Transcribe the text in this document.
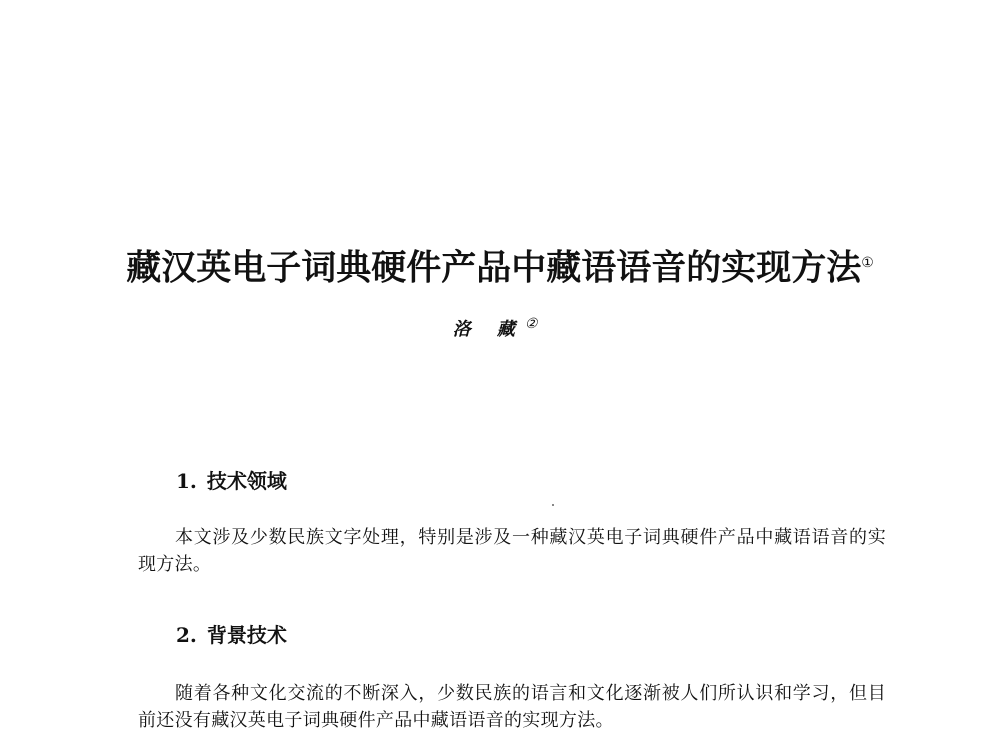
藏汉英电子词典硬件产品中藏语语音的实现方法①
洛 藏②
1. 技术领域
本文涉及少数民族文字处理，特别是涉及一种藏汉英电子词典硬件产品中藏语语音的实现方法。
2. 背景技术
随着各种文化交流的不断深入，少数民族的语言和文化逐渐被人们所认识和学习，但目前还没有藏汉英电子词典硬件产品中藏语语音的实现方法。
